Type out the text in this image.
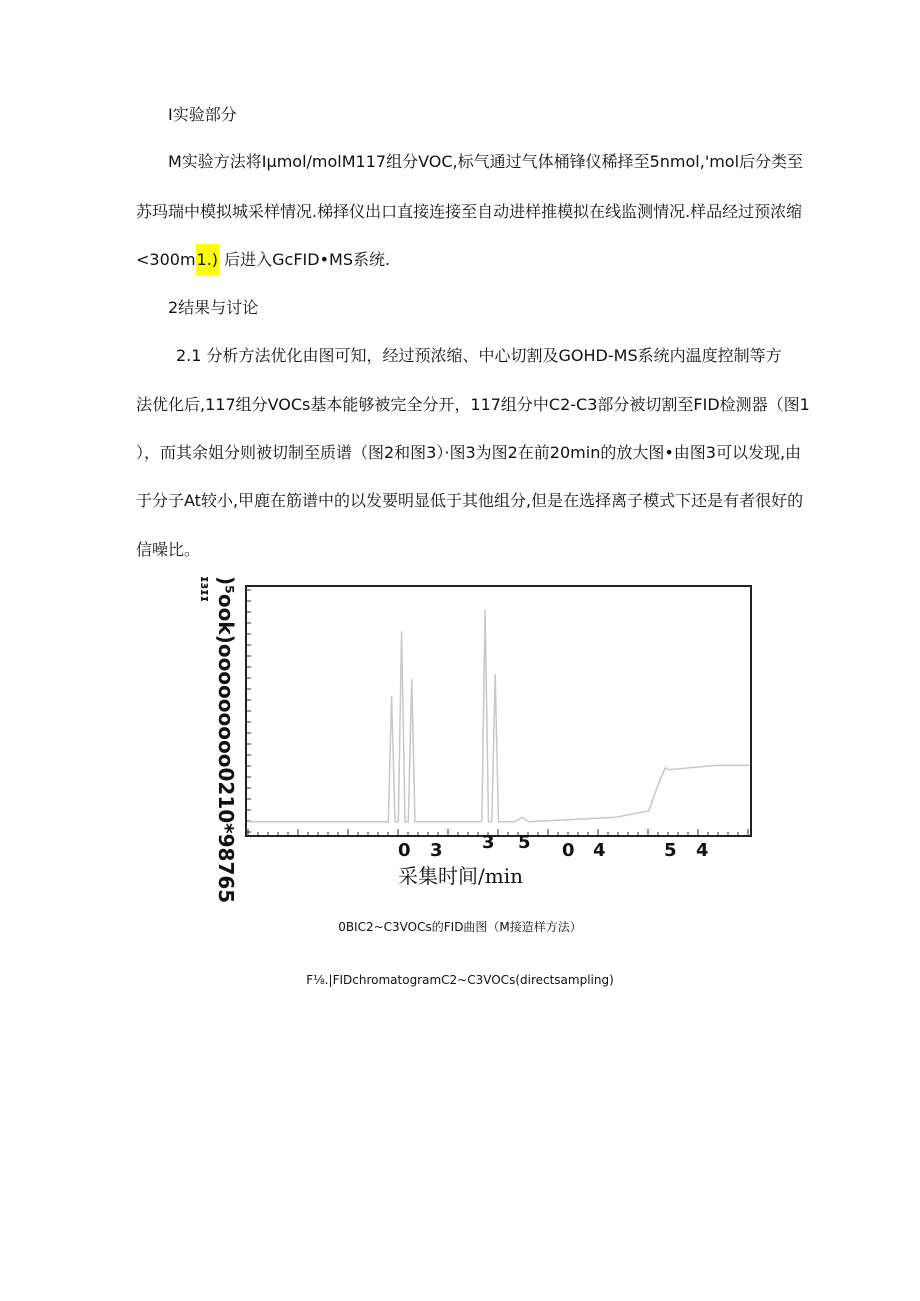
I实验部分

M实验方法将Iμmol/molM117组分VOC,标气通过气体桶锋仪稀择至5nmol,'mol后分类至

苏玛瑞中模拟城采样情况.梯择仪出口直接连接至自动进样推模拟在线监测情况.样品经过预浓缩

<300m1.) 后进入GcFID•MS系统.

2结果与讨论

2.1 分析方法优化由图可知，经过预浓缩、中心切割及GOHD-MS系统内温度控制等方

法优化后,117组分VOCs基本能够被完全分开，117组分中C2-C3部分被切割至FID检测器（图1

），而其余姐分则被切制至质谱（图2和图3）·图3为图2在前20min的放大图•由图3可以发现,由

于分子At较小,甲鹿在筋谱中的以发要明显低于其他组分,但是在选择离子模式下还是有者很好的

信噪比。

ɪɜɪɪ )⁵ook)ooooooooo0210*98765	0 3 3 5 0 4	5 4
采集时间/min

0BIC2~C3VOCs的FID曲图（M接造样方法）

F⅛.|FIDchromatogramC2~C3VOCs(directsampling)
